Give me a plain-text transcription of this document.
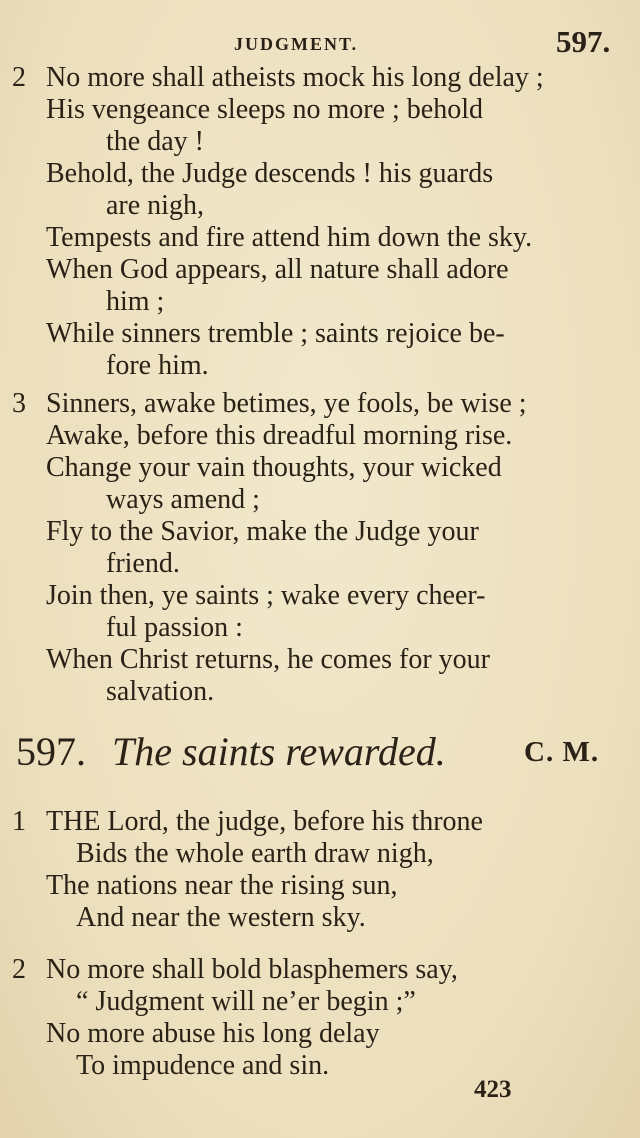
JUDGMENT.	597.
2 No more shall atheists mock his long delay ;
His vengeance sleeps no more ; behold
the day !
Behold, the Judge descends ! his guards
are nigh,
Tempests and fire attend him down the sky.
When God appears, all nature shall adore
him ;
While sinners tremble ; saints rejoice be-
fore him.
3 Sinners, awake betimes, ye fools, be wise ;
Awake, before this dreadful morning rise.
Change your vain thoughts, your wicked
ways amend ;
Fly to the Savior, make the Judge your
friend.
Join then, ye saints ; wake every cheer-
ful passion :
When Christ returns, he comes for your
salvation.
597. The saints rewarded.	C. M.
1 THE Lord, the judge, before his throne
Bids the whole earth draw nigh,
The nations near the rising sun,
And near the western sky.
2 No more shall bold blasphemers say,
“ Judgment will ne’er begin ;”
No more abuse his long delay
To impudence and sin.
423
